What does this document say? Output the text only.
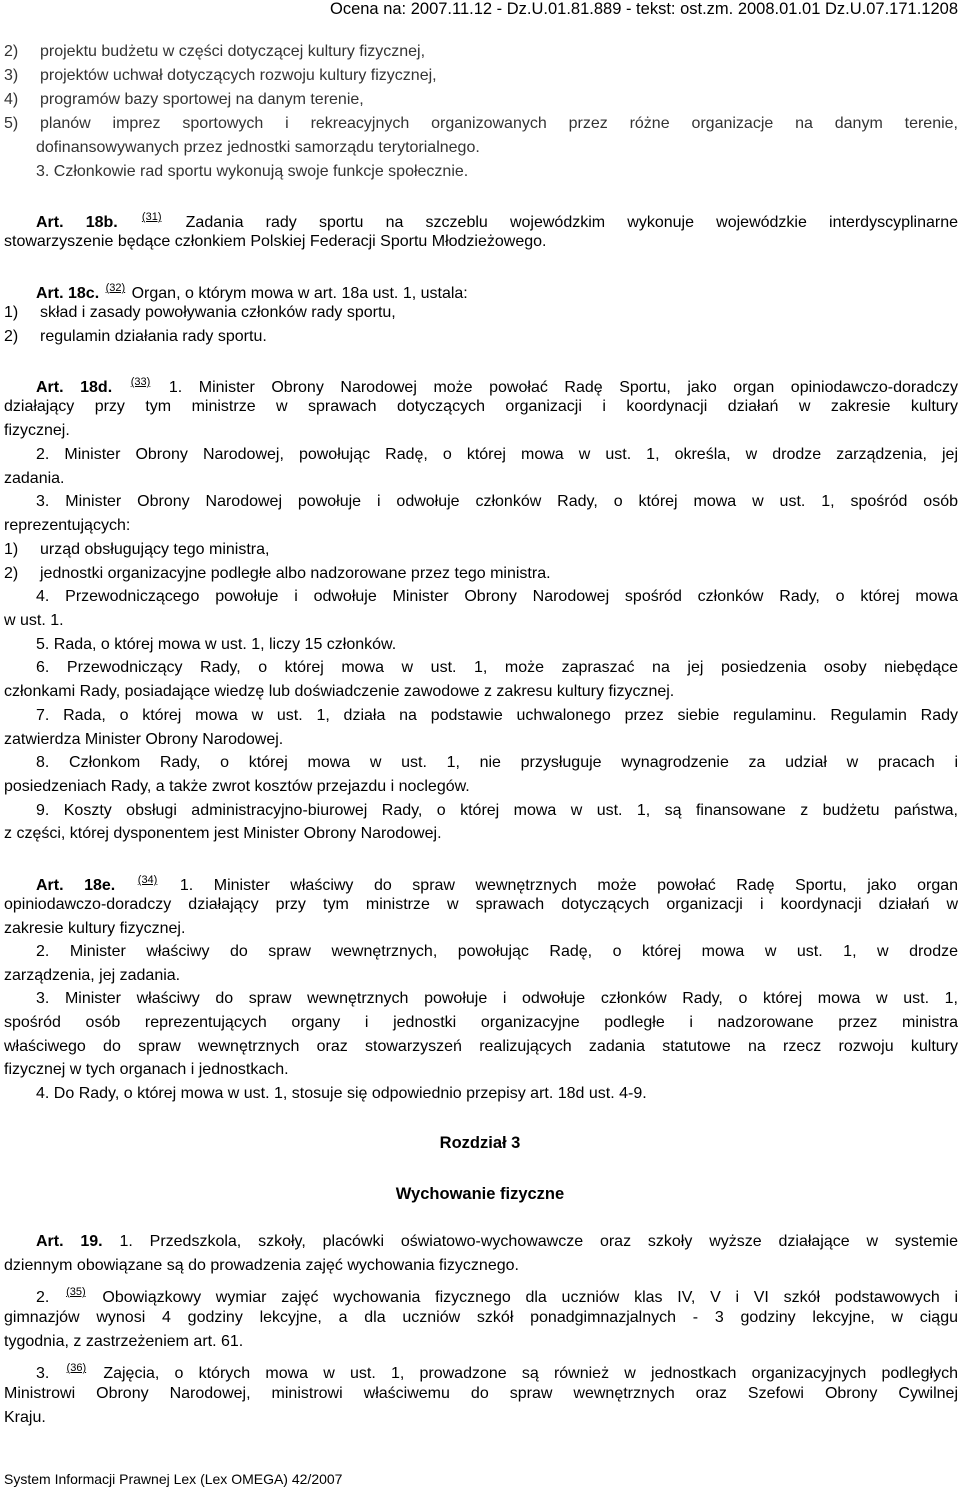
Ocena na: 2007.11.12 - Dz.U.01.81.889 - tekst: ost.zm. 2008.01.01 Dz.U.07.171.1208
2) projektu budżetu w części dotyczącej kultury fizycznej,
3) projektów uchwał dotyczących rozwoju kultury fizycznej,
4) programów bazy sportowej na danym terenie,
5) planów imprez sportowych i rekreacyjnych organizowanych przez różne organizacje na danym terenie,
dofinansowywanych przez jednostki samorządu terytorialnego.
3. Członkowie rad sportu wykonują swoje funkcje społecznie.
Art. 18b. $^{(31)}$ Zadania rady sportu na szczeblu wojewódzkim wykonuje wojewódzkie interdyscyplinarne
stowarzyszenie będące członkiem Polskiej Federacji Sportu Młodzieżowego.
Art. 18c. $^{(32)}$ Organ, o którym mowa w art. 18a ust. 1, ustala:
1) skład i zasady powoływania członków rady sportu,
2) regulamin działania rady sportu.
Art. 18d. $^{(33)}$ 1. Minister Obrony Narodowej może powołać Radę Sportu, jako organ opiniodawczo-doradczy
działający przy tym ministrze w sprawach dotyczących organizacji i koordynacji działań w zakresie kultury
fizycznej.
2. Minister Obrony Narodowej, powołując Radę, o której mowa w ust. 1, określa, w drodze zarządzenia, jej
zadania.
3. Minister Obrony Narodowej powołuje i odwołuje członków Rady, o której mowa w ust. 1, spośród osób
reprezentujących:
1) urząd obsługujący tego ministra,
2) jednostki organizacyjne podległe albo nadzorowane przez tego ministra.
4. Przewodniczącego powołuje i odwołuje Minister Obrony Narodowej spośród członków Rady, o której mowa
w ust. 1.
5. Rada, o której mowa w ust. 1, liczy 15 członków.
6. Przewodniczący Rady, o której mowa w ust. 1, może zapraszać na jej posiedzenia osoby niebędące
członkami Rady, posiadające wiedzę lub doświadczenie zawodowe z zakresu kultury fizycznej.
7. Rada, o której mowa w ust. 1, działa na podstawie uchwalonego przez siebie regulaminu. Regulamin Rady
zatwierdza Minister Obrony Narodowej.
8. Członkom Rady, o której mowa w ust. 1, nie przysługuje wynagrodzenie za udział w pracach i
posiedzeniach Rady, a także zwrot kosztów przejazdu i noclegów.
9. Koszty obsługi administracyjno-biurowej Rady, o której mowa w ust. 1, są finansowane z budżetu państwa,
z części, której dysponentem jest Minister Obrony Narodowej.
Art. 18e. $^{(34)}$ 1. Minister właściwy do spraw wewnętrznych może powołać Radę Sportu, jako organ
opiniodawczo-doradczy działający przy tym ministrze w sprawach dotyczących organizacji i koordynacji działań w
zakresie kultury fizycznej.
2. Minister właściwy do spraw wewnętrznych, powołując Radę, o której mowa w ust. 1, w drodze
zarządzenia, jej zadania.
3. Minister właściwy do spraw wewnętrznych powołuje i odwołuje członków Rady, o której mowa w ust. 1,
spośród osób reprezentujących organy i jednostki organizacyjne podległe i nadzorowane przez ministra
właściwego do spraw wewnętrznych oraz stowarzyszeń realizujących zadania statutowe na rzecz rozwoju kultury
fizycznej w tych organach i jednostkach.
4. Do Rady, o której mowa w ust. 1, stosuje się odpowiednio przepisy art. 18d ust. 4-9.
Rozdział 3
Wychowanie fizyczne
Art. 19. 1. Przedszkola, szkoły, placówki oświatowo-wychowawcze oraz szkoły wyższe działające w systemie
dziennym obowiązane są do prowadzenia zajęć wychowania fizycznego.
2. $^{(35)}$ Obowiązkowy wymiar zajęć wychowania fizycznego dla uczniów klas IV, V i VI szkół podstawowych i
gimnazjów wynosi 4 godziny lekcyjne, a dla uczniów szkół ponadgimnazjalnych - 3 godziny lekcyjne, w ciągu
tygodnia, z zastrzeżeniem art. 61.
3. $^{(36)}$ Zajęcia, o których mowa w ust. 1, prowadzone są również w jednostkach organizacyjnych podległych
Ministrowi Obrony Narodowej, ministrowi właściwemu do spraw wewnętrznych oraz Szefowi Obrony Cywilnej
Kraju.
System Informacji Prawnej Lex (Lex OMEGA) 42/2007
